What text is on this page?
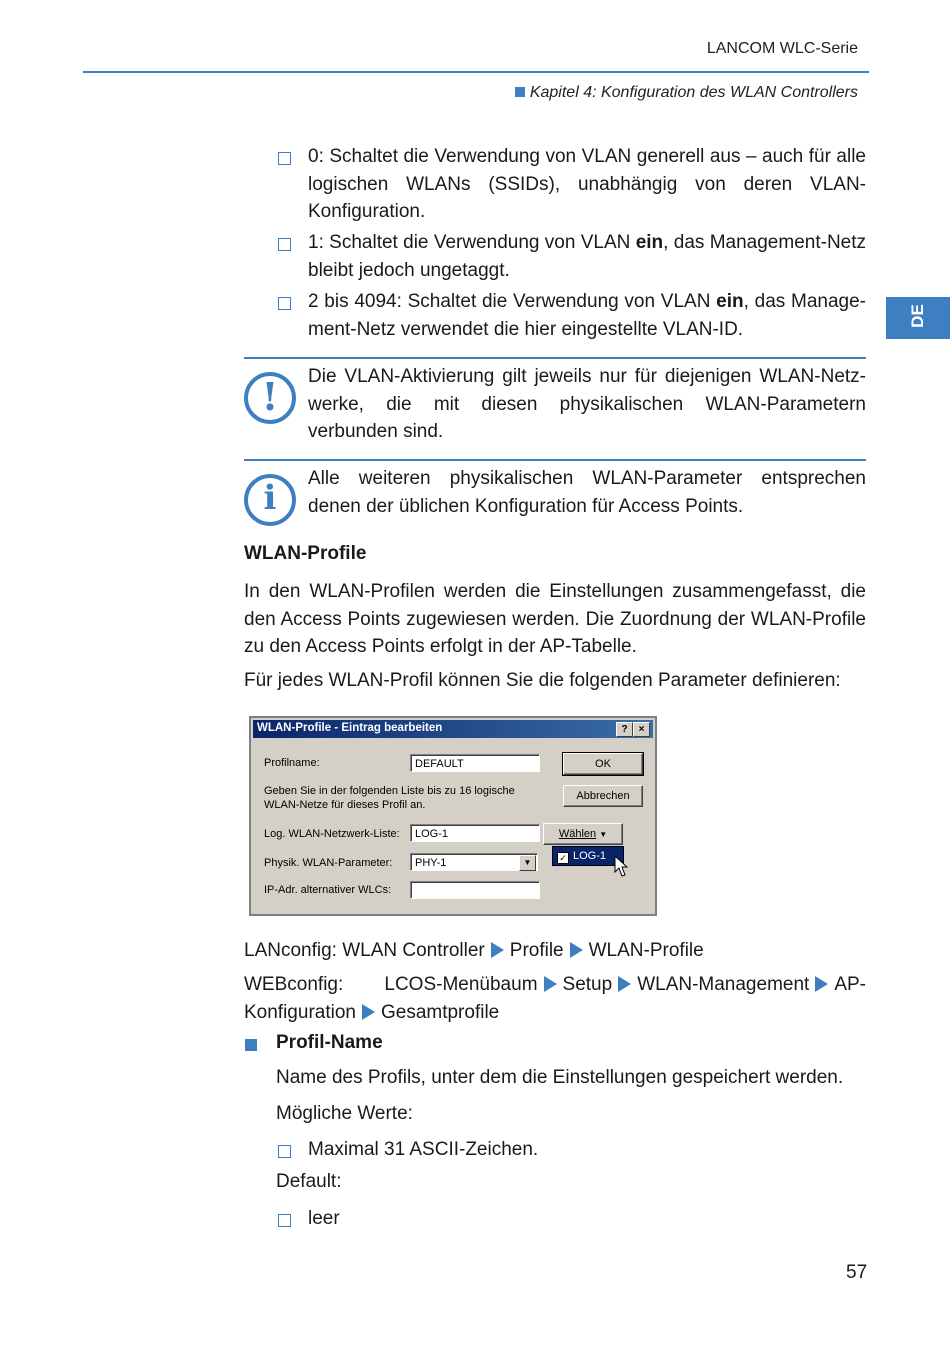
LANCOM WLC-Serie
Kapitel 4: Konfiguration des WLAN Controllers
DE
0: Schaltet die Verwendung von VLAN generell aus – auch für alle logischen WLANs (SSIDs), unabhängig von deren VLAN-Konfiguration.
1: Schaltet die Verwendung von VLAN ein, das Management-Netz bleibt jedoch ungetaggt.
2 bis 4094: Schaltet die Verwendung von VLAN ein, das Management-Netz verwendet die hier eingestellte VLAN-ID.
!	Die VLAN-Aktivierung gilt jeweils nur für diejenigen WLAN-Netzwerke, die mit diesen physikalischen WLAN-Parametern verbunden sind.
i	Alle weiteren physikalischen WLAN-Parameter entsprechen denen der üblichen Konfiguration für Access Points.
WLAN-Profile
In den WLAN-Profilen werden die Einstellungen zusammengefasst, die den Access Points zugewiesen werden. Die Zuordnung der WLAN-Profile zu den Access Points erfolgt in der AP-Tabelle.
Für jedes WLAN-Profil können Sie die folgenden Parameter definieren:
WLAN-Profile - Eintrag bearbeiten	?	×
Profilname:	DEFAULT
Geben Sie in der folgenden Liste bis zu 16 logische
WLAN-Netze für dieses Profil an.
Log. WLAN-Netzwerk-Liste:	LOG-1
Physik. WLAN-Parameter:	PHY-1	▼
IP-Adr. alternativer WLCs:
OK
Abbrechen
Wählen ▼
✓ LOG-1
LANconfig: WLAN Controller Profile WLAN-Profile
WEBconfig: LCOS-Menübaum Setup WLAN-Management AP-Konfiguration Gesamtprofile
Profil-Name
Name des Profils, unter dem die Einstellungen gespeichert werden.
Mögliche Werte:
Maximal 31 ASCII-Zeichen.
Default:
leer
57
